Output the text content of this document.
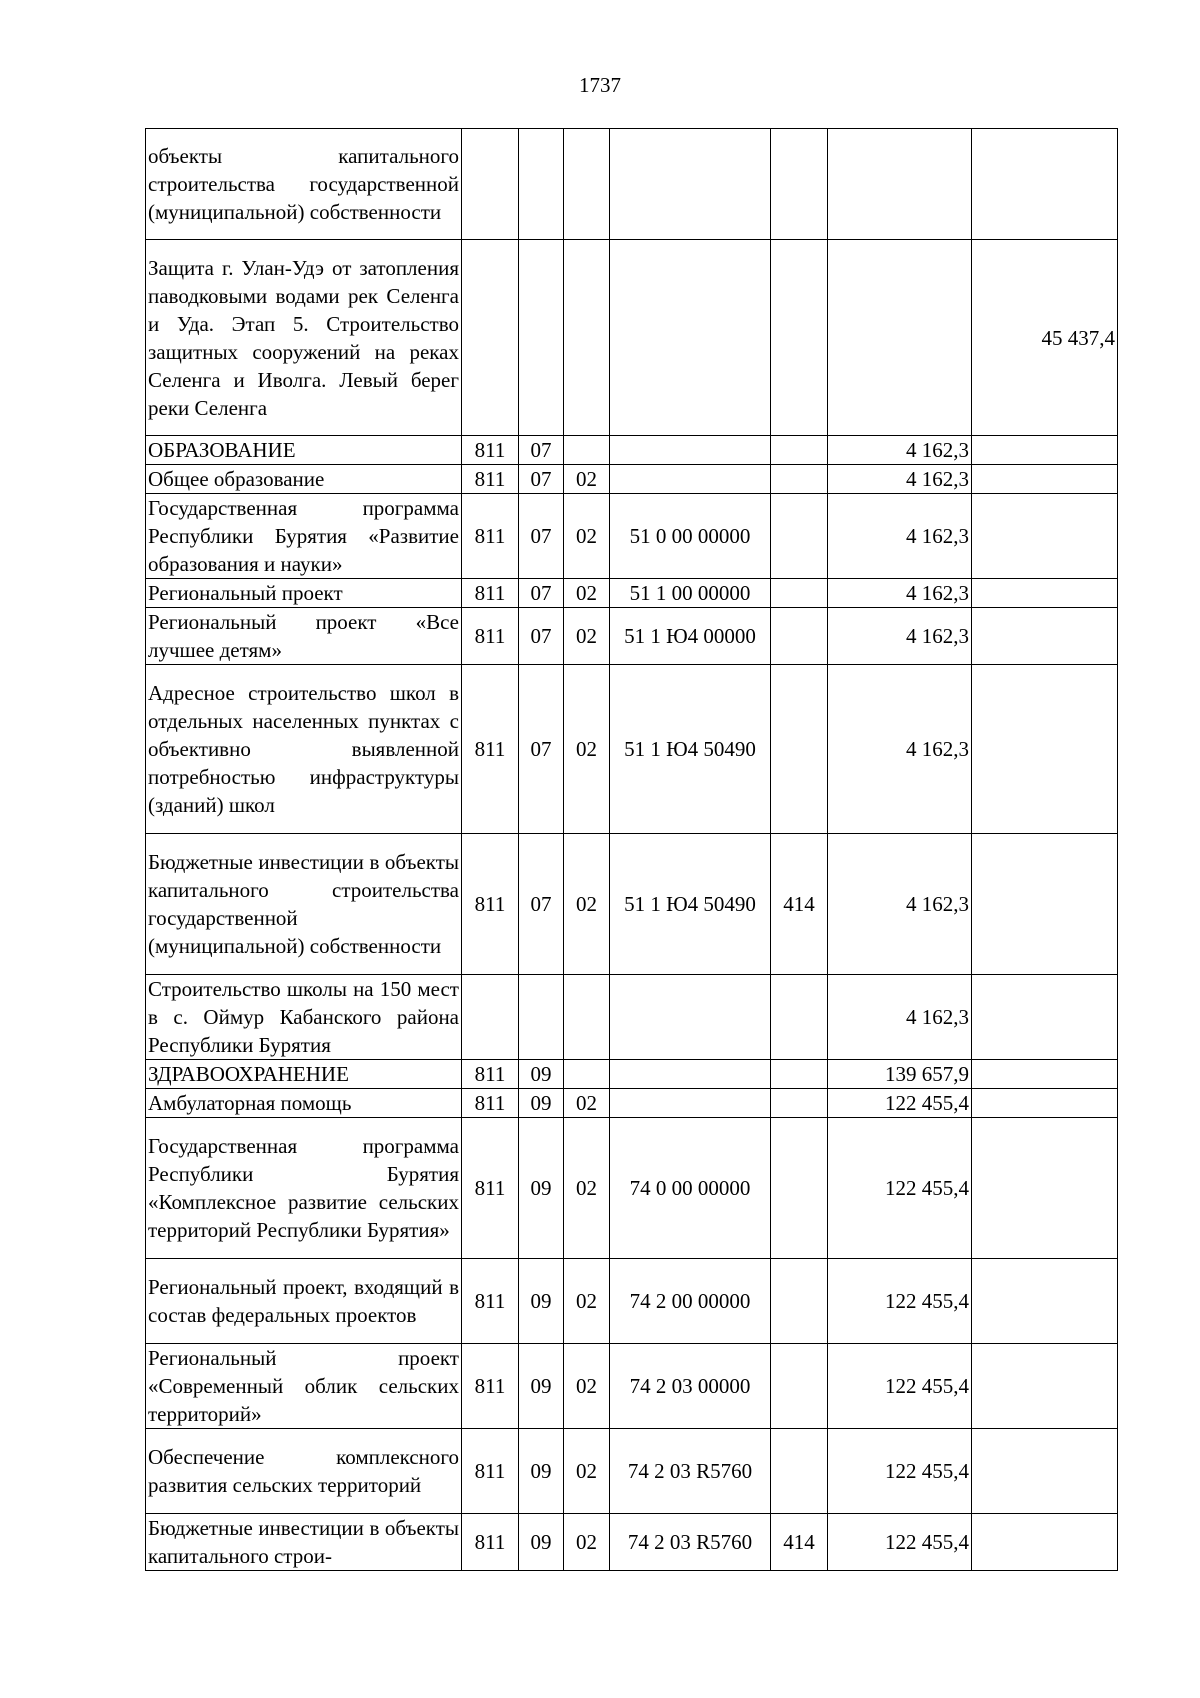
1737
объекты капитального строительства государственной (муниципальной) собственности							
Защита г. Улан-Удэ от затопления паводковыми водами рек Селенга и Уда. Этап 5. Строительство защитных сооружений на реках Селенга и Иволга. Левый берег реки Селенга							45 437,4
ОБРАЗОВАНИЕ	811	07				4 162,3	
Общее образование	811	07	02			4 162,3	
Государственная программа Республики Бурятия «Развитие образования и науки»	811	07	02	51 0 00 00000		4 162,3	
Региональный проект	811	07	02	51 1 00 00000		4 162,3	
Региональный проект «Все лучшее детям»	811	07	02	51 1 Ю4 00000		4 162,3	
Адресное строительство школ в отдельных населенных пунктах с объективно выявленной потребностью инфраструктуры (зданий) школ	811	07	02	51 1 Ю4 50490		4 162,3	
Бюджетные инвестиции в объекты капитального строительства государственной (муниципальной) собственности	811	07	02	51 1 Ю4 50490	414	4 162,3	
Строительство школы на 150 мест в с. Оймур Кабанского района Республики Бурятия						4 162,3	
ЗДРАВООХРАНЕНИЕ	811	09				139 657,9	
Амбулаторная помощь	811	09	02			122 455,4	
Государственная программа Республики Бурятия «Комплексное развитие сельских территорий Республики Бурятия»	811	09	02	74 0 00 00000		122 455,4	
Региональный проект, входящий в состав федеральных проектов	811	09	02	74 2 00 00000		122 455,4	
Региональный проект «Современный облик сельских территорий»	811	09	02	74 2 03 00000		122 455,4	
Обеспечение комплексного развития сельских территорий	811	09	02	74 2 03 R5760		122 455,4	
Бюджетные инвестиции в объекты капитального строи-	811	09	02	74 2 03 R5760	414	122 455,4	
